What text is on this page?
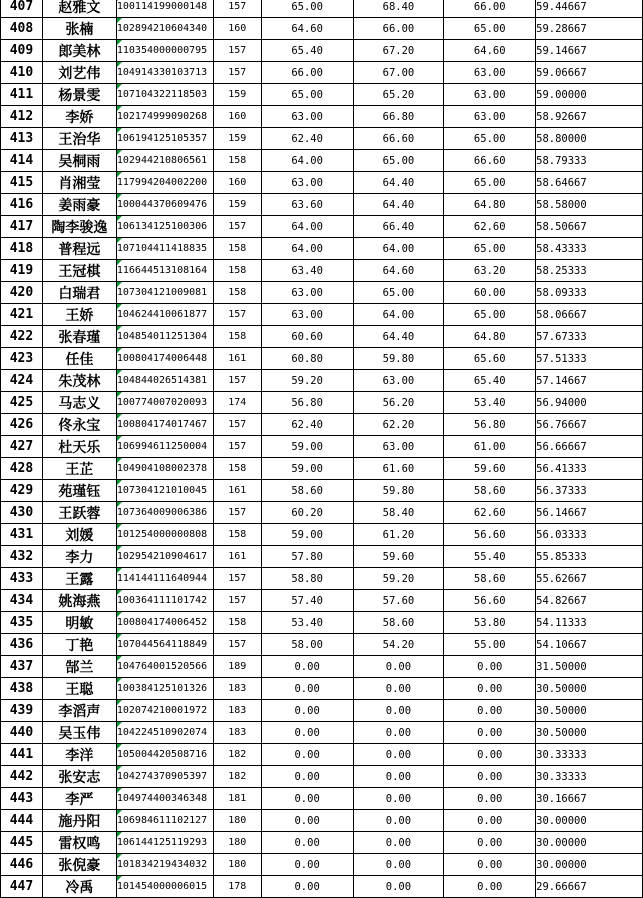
407	赵雅文	100114199000148	157	65.00	68.40	66.00	59.44667
408	张楠	102894210604340	160	64.60	66.00	65.00	59.28667
409	郎美林	110354000000795	157	65.40	67.20	64.60	59.14667
410	刘艺伟	104914330103713	157	66.00	67.00	63.00	59.06667
411	杨景雯	107104322118503	159	65.00	65.20	63.00	59.00000
412	李娇	102174999090268	160	63.00	66.80	63.00	58.92667
413	王治华	106194125105357	159	62.40	66.60	65.00	58.80000
414	吴桐雨	102944210806561	158	64.00	65.00	66.60	58.79333
415	肖湘莹	117994204002200	160	63.00	64.40	65.00	58.64667
416	姜雨豪	100044370609476	159	63.60	64.40	64.80	58.58000
417	陶李骏逸	106134125100306	157	64.00	66.40	62.60	58.50667
418	普程远	107104411418835	158	64.00	64.00	65.00	58.43333
419	王冠棋	116644513108164	158	63.40	64.60	63.20	58.25333
420	白瑞君	107304121009081	158	63.00	65.00	60.00	58.09333
421	王娇	104624410061877	157	63.00	64.00	65.00	58.06667
422	张春瑾	104854011251304	158	60.60	64.40	64.80	57.67333
423	任佳	100804174006448	161	60.80	59.80	65.60	57.51333
424	朱茂林	104844026514381	157	59.20	63.00	65.40	57.14667
425	马志义	100774007020093	174	56.80	56.20	53.40	56.94000
426	佟永宝	100804174017467	157	62.40	62.20	56.80	56.76667
427	杜天乐	106994611250004	157	59.00	63.00	61.00	56.66667
428	王芷	104904108002378	158	59.00	61.60	59.60	56.41333
429	苑瑾钰	107304121010045	161	58.60	59.80	58.60	56.37333
430	王跃蓉	107364009006386	157	60.20	58.40	62.60	56.14667
431	刘媛	101254000000808	158	59.00	61.20	56.60	56.03333
432	李力	102954210904617	161	57.80	59.60	55.40	55.85333
433	王露	114144111640944	157	58.80	59.20	58.60	55.62667
434	姚海燕	100364111101742	157	57.40	57.60	56.60	54.82667
435	明敏	100804174006452	158	53.40	58.60	53.80	54.11333
436	丁艳	107044564118849	157	58.00	54.20	55.00	54.10667
437	郜兰	104764001520566	189	0.00	0.00	0.00	31.50000
438	王聪	100384125101326	183	0.00	0.00	0.00	30.50000
439	李滔声	102074210001972	183	0.00	0.00	0.00	30.50000
440	吴玉伟	104224510902074	183	0.00	0.00	0.00	30.50000
441	李洋	105004420508716	182	0.00	0.00	0.00	30.33333
442	张安志	104274370905397	182	0.00	0.00	0.00	30.33333
443	李严	104974400346348	181	0.00	0.00	0.00	30.16667
444	施丹阳	106984611102127	180	0.00	0.00	0.00	30.00000
445	雷权鸣	106144125119293	180	0.00	0.00	0.00	30.00000
446	张倪豪	101834219434032	180	0.00	0.00	0.00	30.00000
447	冷禹	101454000006015	178	0.00	0.00	0.00	29.66667
